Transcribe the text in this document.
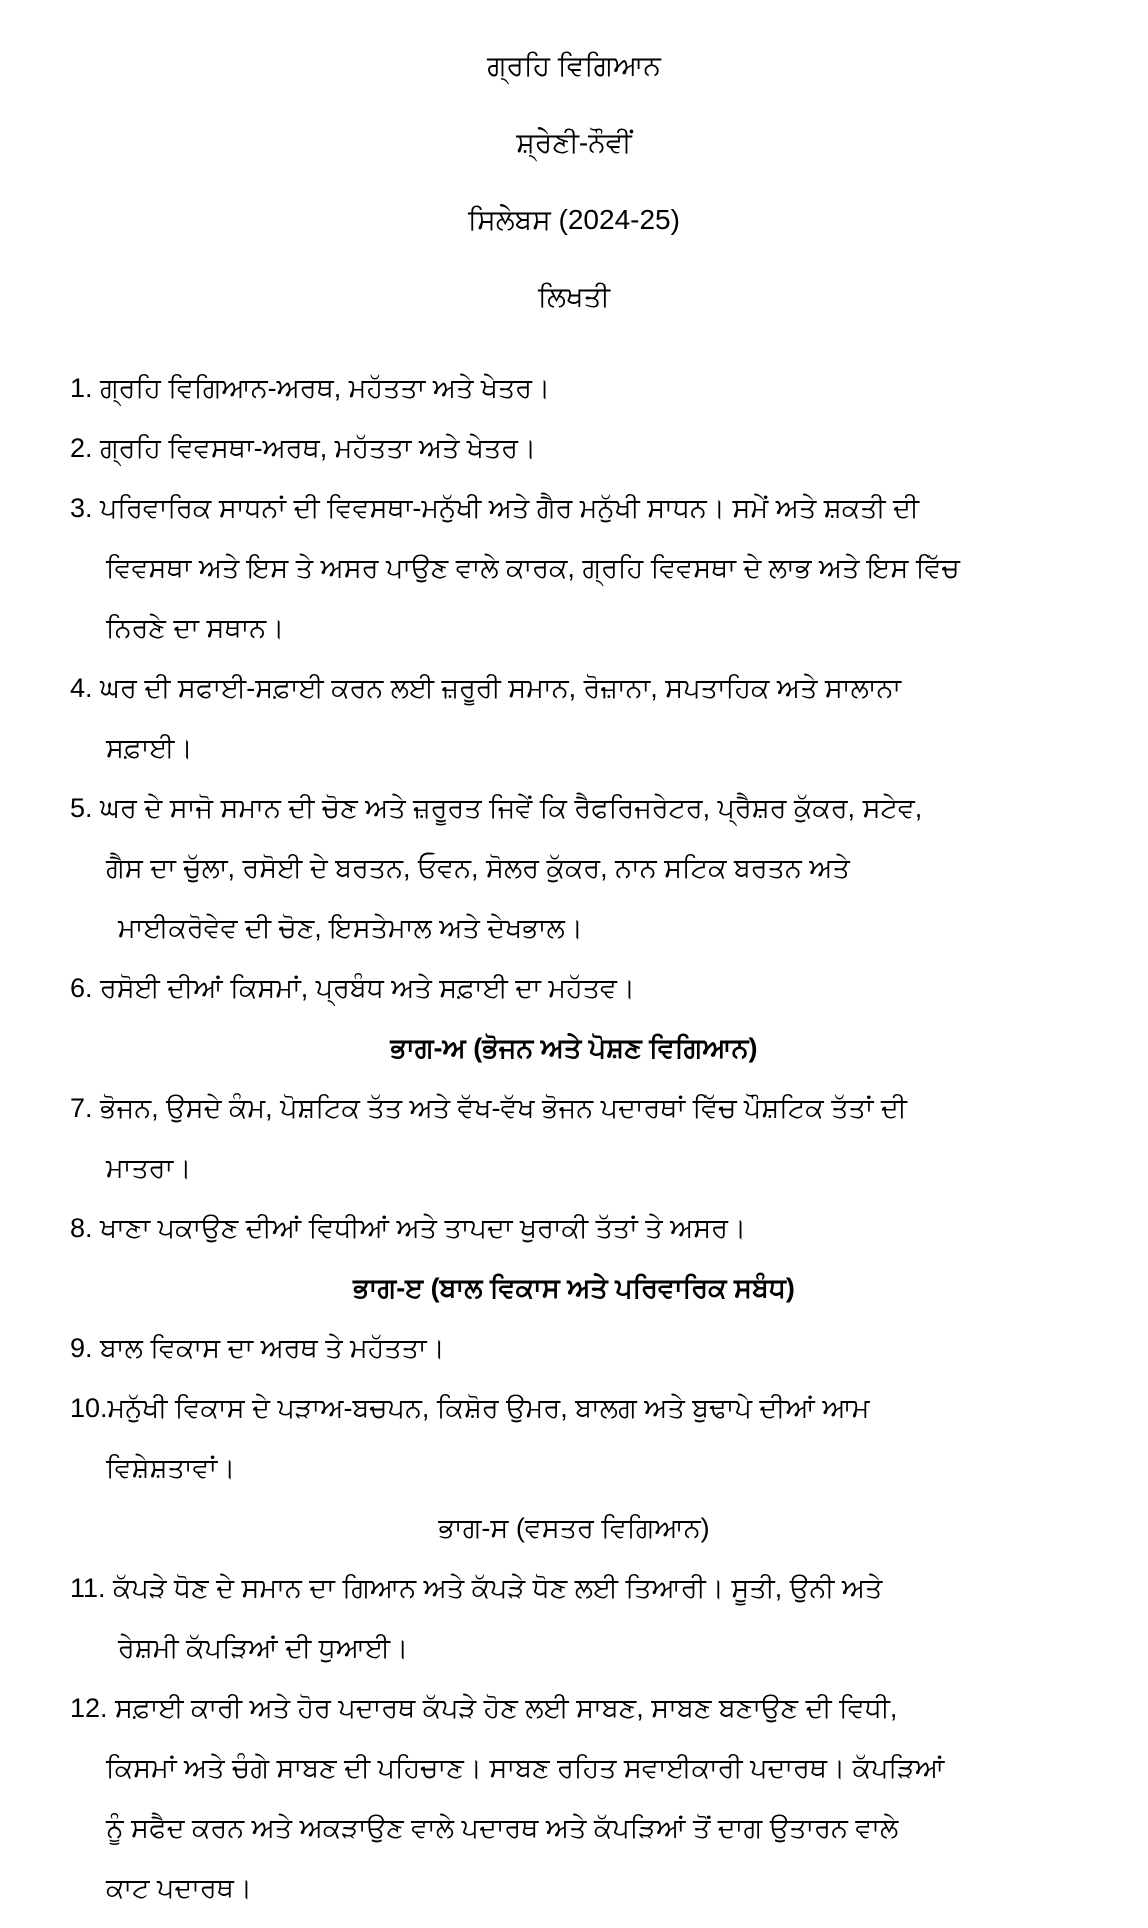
ਗ੍ਰਹਿ ਵਿਗਿਆਨ
ਸ਼੍ਰੇਣੀ-ਨੌਵੀਂ
ਸਿਲੇਬਸ (2024-25)
ਲਿਖਤੀ
1. ਗ੍ਰਹਿ ਵਿਗਿਆਨ-ਅਰਥ, ਮਹੱਤਤਾ ਅਤੇ ਖੇਤਰ।
2. ਗ੍ਰਹਿ ਵਿਵਸਥਾ-ਅਰਥ, ਮਹੱਤਤਾ ਅਤੇ ਖੇਤਰ।
3. ਪਰਿਵਾਰਿਕ ਸਾਧਨਾਂ ਦੀ ਵਿਵਸਥਾ-ਮਨੁੱਖੀ ਅਤੇ ਗੈਰ ਮਨੁੱਖੀ ਸਾਧਨ। ਸਮੇਂ ਅਤੇ ਸ਼ਕਤੀ ਦੀ
ਵਿਵਸਥਾ ਅਤੇ ਇਸ ਤੇ ਅਸਰ ਪਾਉਣ ਵਾਲੇ ਕਾਰਕ, ਗ੍ਰਹਿ ਵਿਵਸਥਾ ਦੇ ਲਾਭ ਅਤੇ ਇਸ ਵਿੱਚ
ਨਿਰਣੇ ਦਾ ਸਥਾਨ।
4. ਘਰ ਦੀ ਸਫਾਈ-ਸਫ਼ਾਈ ਕਰਨ ਲਈ ਜ਼ਰੂਰੀ ਸਮਾਨ, ਰੋਜ਼ਾਨਾ, ਸਪਤਾਹਿਕ ਅਤੇ ਸਾਲਾਨਾ
ਸਫ਼ਾਈ।
5. ਘਰ ਦੇ ਸਾਜੋ ਸਮਾਨ ਦੀ ਚੋਣ ਅਤੇ ਜ਼ਰੂਰਤ ਜਿਵੇਂ ਕਿ ਰੈਫਰਿਜਰੇਟਰ, ਪ੍ਰੈਸ਼ਰ ਕੁੱਕਰ, ਸਟੇਵ,
ਗੈਸ ਦਾ ਚੁੱਲਾ, ਰਸੋਈ ਦੇ ਬਰਤਨ, ਓਵਨ, ਸੋਲਰ ਕੁੱਕਰ, ਨਾਨ ਸਟਿਕ ਬਰਤਨ ਅਤੇ
ਮਾਈਕਰੋਵੇਵ ਦੀ ਚੋਣ, ਇਸਤੇਮਾਲ ਅਤੇ ਦੇਖਭਾਲ।
6. ਰਸੋਈ ਦੀਆਂ ਕਿਸਮਾਂ, ਪ੍ਰਬੰਧ ਅਤੇ ਸਫ਼ਾਈ ਦਾ ਮਹੱਤਵ।
ਭਾਗ-ਅ (ਭੋਜਨ ਅਤੇ ਪੋਸ਼ਣ ਵਿਗਿਆਨ)
7. ਭੋਜਨ, ਉਸਦੇ ਕੰਮ, ਪੋਸ਼ਟਿਕ ਤੱਤ ਅਤੇ ਵੱਖ-ਵੱਖ ਭੋਜਨ ਪਦਾਰਥਾਂ ਵਿੱਚ ਪੌਸ਼ਟਿਕ ਤੱਤਾਂ ਦੀ
ਮਾਤਰਾ।
8. ਖਾਣਾ ਪਕਾਉਣ ਦੀਆਂ ਵਿਧੀਆਂ ਅਤੇ ਤਾਪਦਾ ਖੁਰਾਕੀ ਤੱਤਾਂ ਤੇ ਅਸਰ।
ਭਾਗ-ੲ (ਬਾਲ ਵਿਕਾਸ ਅਤੇ ਪਰਿਵਾਰਿਕ ਸਬੰਧ)
9. ਬਾਲ ਵਿਕਾਸ ਦਾ ਅਰਥ ਤੇ ਮਹੱਤਤਾ।
10.ਮਨੁੱਖੀ ਵਿਕਾਸ ਦੇ ਪੜਾਅ-ਬਚਪਨ, ਕਿਸ਼ੋਰ ਉਮਰ, ਬਾਲਗ ਅਤੇ ਬੁਢਾਪੇ ਦੀਆਂ ਆਮ
ਵਿਸ਼ੇਸ਼ਤਾਵਾਂ।
ਭਾਗ-ਸ (ਵਸਤਰ ਵਿਗਿਆਨ)
11. ਕੱਪੜੇ ਧੋਣ ਦੇ ਸਮਾਨ ਦਾ ਗਿਆਨ ਅਤੇ ਕੱਪੜੇ ਧੋਣ ਲਈ ਤਿਆਰੀ। ਸੂਤੀ, ਉਨੀ ਅਤੇ
ਰੇਸ਼ਮੀ ਕੱਪੜਿਆਂ ਦੀ ਧੁਆਈ।
12. ਸਫ਼ਾਈ ਕਾਰੀ ਅਤੇ ਹੋਰ ਪਦਾਰਥ ਕੱਪੜੇ ਹੋਣ ਲਈ ਸਾਬਣ, ਸਾਬਣ ਬਣਾਉਣ ਦੀ ਵਿਧੀ,
ਕਿਸਮਾਂ ਅਤੇ ਚੰਗੇ ਸਾਬਣ ਦੀ ਪਹਿਚਾਣ। ਸਾਬਣ ਰਹਿਤ ਸਵਾਈਕਾਰੀ ਪਦਾਰਥ। ਕੱਪੜਿਆਂ
ਨੂੰ ਸਫੈਦ ਕਰਨ ਅਤੇ ਅਕੜਾਉਣ ਵਾਲੇ ਪਦਾਰਥ ਅਤੇ ਕੱਪੜਿਆਂ ਤੋਂ ਦਾਗ ਉਤਾਰਨ ਵਾਲੇ
ਕਾਟ ਪਦਾਰਥ।
